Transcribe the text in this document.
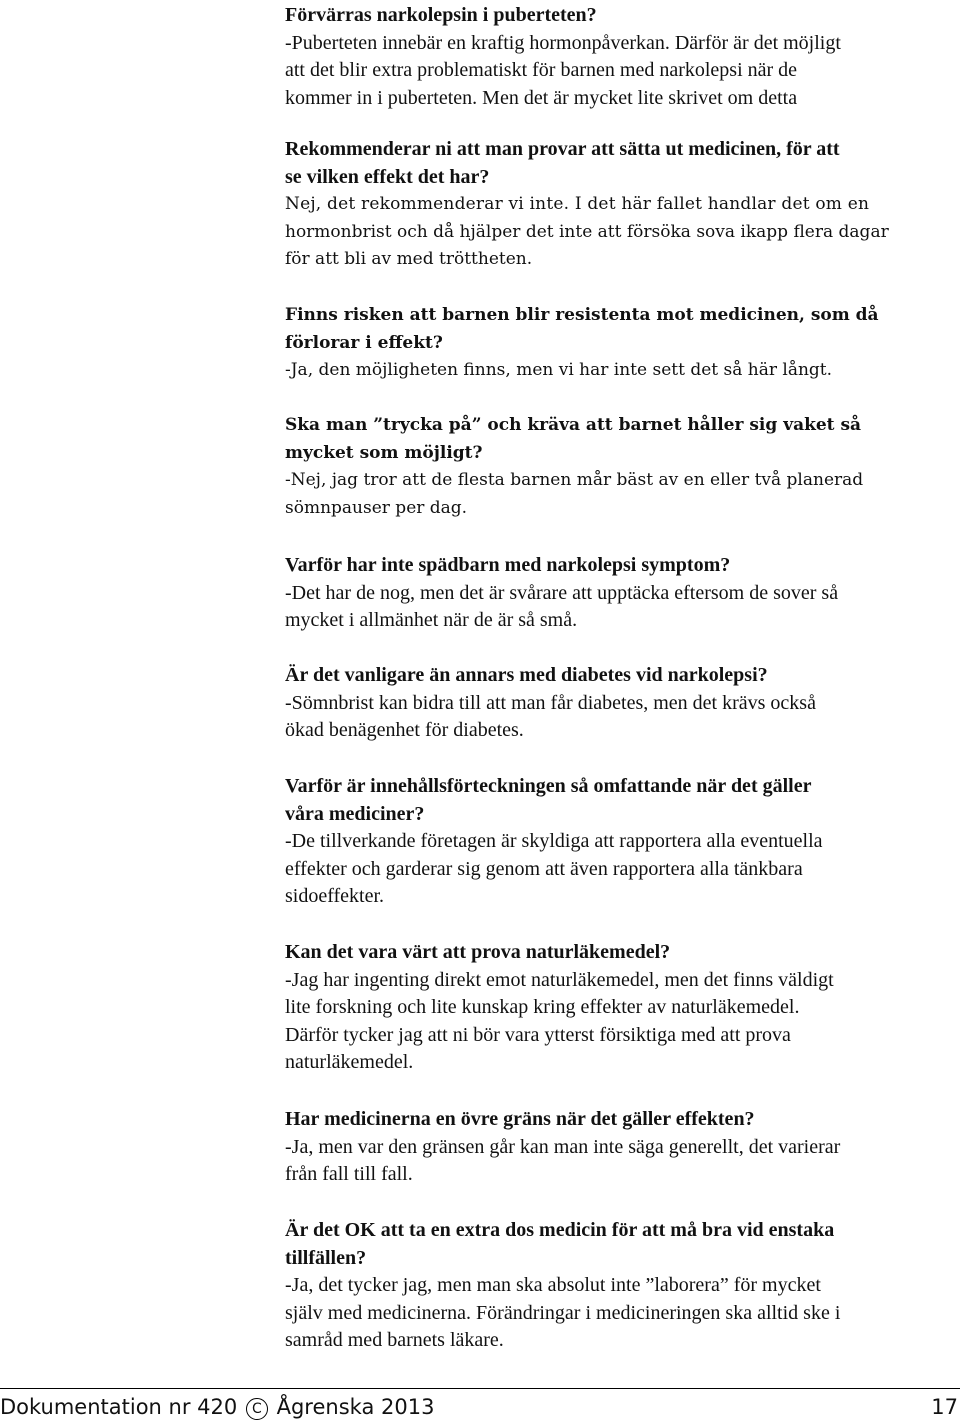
Förvärras narkolepsin i puberteten?
-Puberteten innebär en kraftig hormonpåverkan. Därför är det möjligt
att det blir extra problematiskt för barnen med narkolepsi när de
kommer in i puberteten. Men det är mycket lite skrivet om detta
Rekommenderar ni att man provar att sätta ut medicinen, för att
se vilken effekt det har?
Nej, det rekommenderar vi inte. I det här fallet handlar det om en
hormonbrist och då hjälper det inte att försöka sova ikapp flera dagar
för att bli av med tröttheten.
Finns risken att barnen blir resistenta mot medicinen, som då
förlorar i effekt?
-Ja, den möjligheten finns, men vi har inte sett det så här långt.
Ska man ”trycka på” och kräva att barnet håller sig vaket så
mycket som möjligt?
-Nej, jag tror att de flesta barnen mår bäst av en eller två planerad
sömnpauser per dag.
Varför har inte spädbarn med narkolepsi symptom?
-Det har de nog, men det är svårare att upptäcka eftersom de sover så
mycket i allmänhet när de är så små.
Är det vanligare än annars med diabetes vid narkolepsi?
-Sömnbrist kan bidra till att man får diabetes, men det krävs också
ökad benägenhet för diabetes.
Varför är innehållsförteckningen så omfattande när det gäller
våra mediciner?
-De tillverkande företagen är skyldiga att rapportera alla eventuella
effekter och garderar sig genom att även rapportera alla tänkbara
sidoeffekter.
Kan det vara värt att prova naturläkemedel?
-Jag har ingenting direkt emot naturläkemedel, men det finns väldigt
lite forskning och lite kunskap kring effekter av naturläkemedel.
Därför tycker jag att ni bör vara ytterst försiktiga med att prova
naturläkemedel.
Har medicinerna en övre gräns när det gäller effekten?
-Ja, men var den gränsen går kan man inte säga generellt, det varierar
från fall till fall.
Är det OK att ta en extra dos medicin för att må bra vid enstaka
tillfällen?
-Ja, det tycker jag, men man ska absolut inte ”laborera” för mycket
själv med medicinerna. Förändringar i medicineringen ska alltid ske i
samråd med barnets läkare.
Dokumentation nr 420 C Ågrenska 2013	17
